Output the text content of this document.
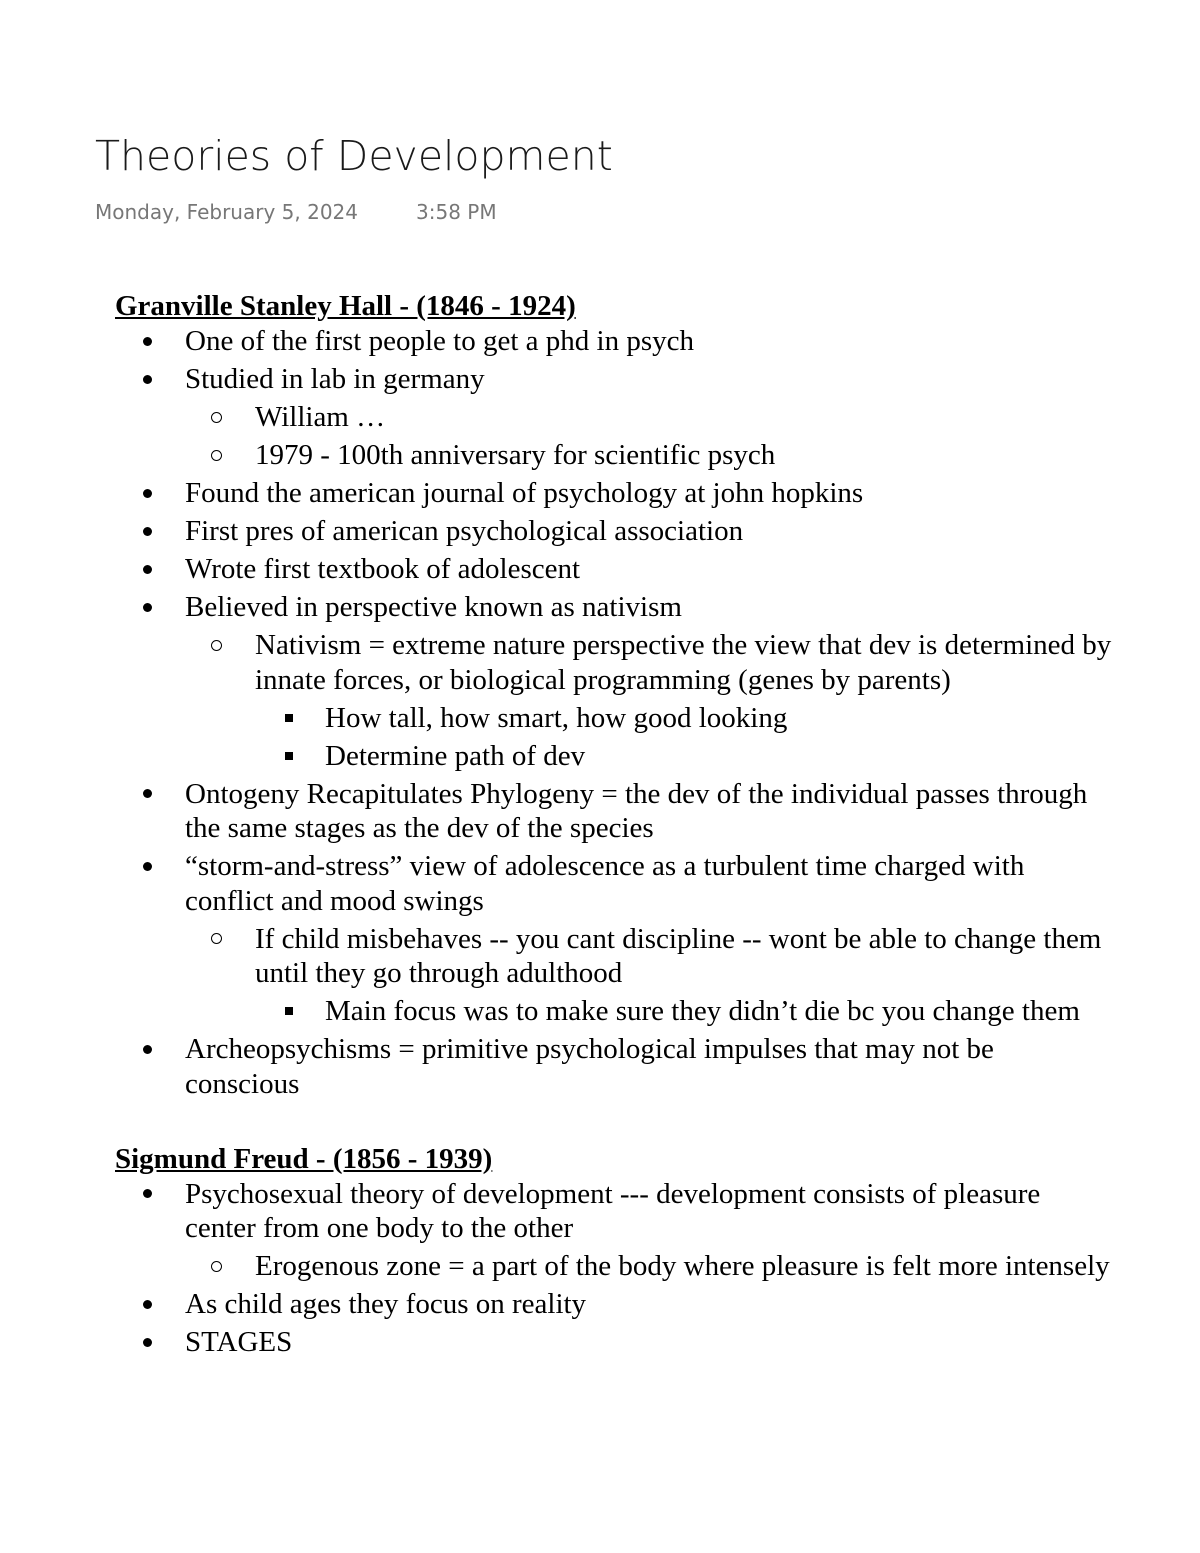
Theories of Development
Monday, February 5, 2024	3:58 PM
Granville Stanley Hall - (1846 - 1924)
One of the first people to get a phd in psych
Studied in lab in germany
William …
1979 - 100th anniversary for scientific psych
Found the american journal of psychology at john hopkins
First pres of american psychological association
Wrote first textbook of adolescent
Believed in perspective known as nativism
Nativism = extreme nature perspective the view that dev is determined by innate forces, or biological programming (genes by parents)
How tall, how smart, how good looking
Determine path of dev
Ontogeny Recapitulates Phylogeny = the dev of the individual passes through the same stages as the dev of the species
“storm-and-stress” view of adolescence as a turbulent time charged with conflict and mood swings
If child misbehaves -- you cant discipline -- wont be able to change them until they go through adulthood
Main focus was to make sure they didn’t die bc you change them
Archeopsychisms = primitive psychological impulses that may not be conscious
Sigmund Freud - (1856 - 1939)
Psychosexual theory of development --- development consists of pleasure center from one body to the other
Erogenous zone = a part of the body where pleasure is felt more intensely
As child ages they focus on reality
STAGES
